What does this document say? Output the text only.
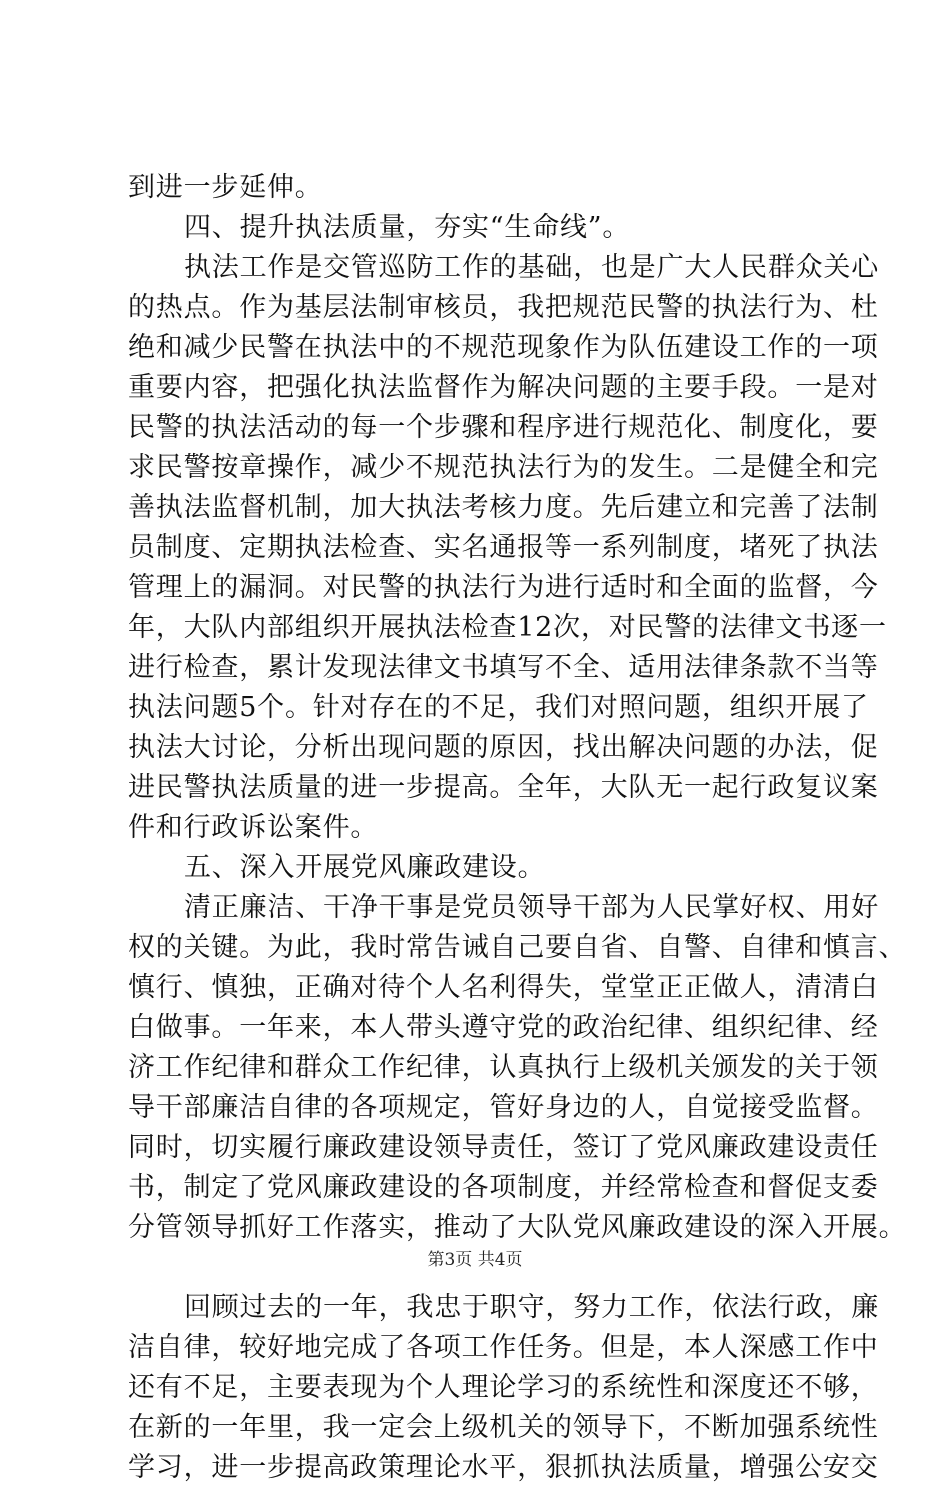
到进一步延伸。
四、提升执法质量，夯实“生命线”。
执法工作是交管巡防工作的基础，也是广大人民群众关心
的热点。作为基层法制审核员，我把规范民警的执法行为、杜
绝和减少民警在执法中的不规范现象作为队伍建设工作的一项
重要内容，把强化执法监督作为解决问题的主要手段。一是对
民警的执法活动的每一个步骤和程序进行规范化、制度化，要
求民警按章操作，减少不规范执法行为的发生。二是健全和完
善执法监督机制，加大执法考核力度。先后建立和完善了法制
员制度、定期执法检查、实名通报等一系列制度，堵死了执法
管理上的漏洞。对民警的执法行为进行适时和全面的监督，今
年，大队内部组织开展执法检查12次，对民警的法律文书逐一
进行检查，累计发现法律文书填写不全、适用法律条款不当等
执法问题5个。针对存在的不足，我们对照问题，组织开展了
执法大讨论，分析出现问题的原因，找出解决问题的办法，促
进民警执法质量的进一步提高。全年，大队无一起行政复议案
件和行政诉讼案件。
五、深入开展党风廉政建设。
清正廉洁、干净干事是党员领导干部为人民掌好权、用好
权的关键。为此，我时常告诫自己要自省、自警、自律和慎言、
慎行、慎独，正确对待个人名利得失，堂堂正正做人，清清白
白做事。一年来，本人带头遵守党的政治纪律、组织纪律、经
济工作纪律和群众工作纪律，认真执行上级机关颁发的关于领
导干部廉洁自律的各项规定，管好身边的人，自觉接受监督。
同时，切实履行廉政建设领导责任，签订了党风廉政建设责任
书，制定了党风廉政建设的各项制度，并经常检查和督促支委
分管领导抓好工作落实，推动了大队党风廉政建设的深入开展。
回顾过去的一年，我忠于职守，努力工作，依法行政，廉
洁自律，较好地完成了各项工作任务。但是，本人深感工作中
还有不足，主要表现为个人理论学习的系统性和深度还不够，
在新的一年里，我一定会上级机关的领导下，不断加强系统性
学习，进一步提高政策理论水平，狠抓执法质量，增强公安交
第3页 共4页
